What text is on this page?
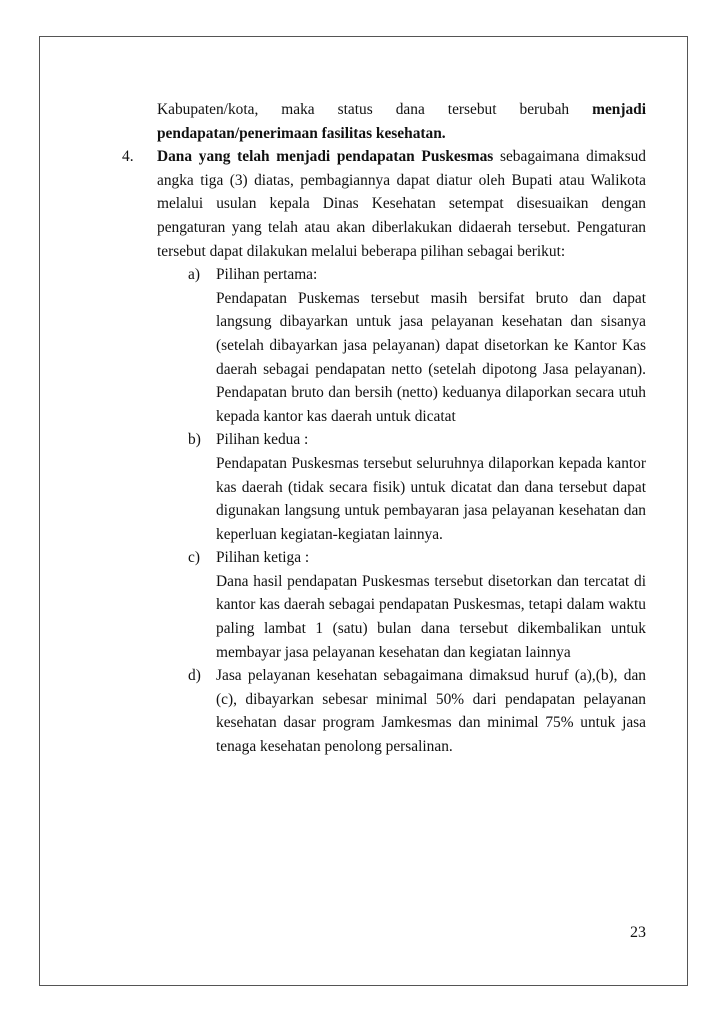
Kabupaten/kota, maka status dana tersebut berubah menjadi pendapatan/penerimaan fasilitas kesehatan.

4. Dana yang telah menjadi pendapatan Puskesmas sebagaimana dimaksud angka tiga (3) diatas, pembagiannya dapat diatur oleh Bupati atau Walikota melalui usulan kepala Dinas Kesehatan setempat disesuaikan dengan pengaturan yang telah atau akan diberlakukan didaerah tersebut. Pengaturan tersebut dapat dilakukan melalui beberapa pilihan sebagai berikut:

a) Pilihan pertama:

Pendapatan Puskemas tersebut masih bersifat bruto dan dapat langsung dibayarkan untuk jasa pelayanan kesehatan dan sisanya (setelah dibayarkan jasa pelayanan) dapat disetorkan ke Kantor Kas daerah sebagai pendapatan netto (setelah dipotong Jasa pelayanan). Pendapatan bruto dan bersih (netto) keduanya dilaporkan secara utuh kepada kantor kas daerah untuk dicatat

b) Pilihan kedua :

Pendapatan Puskesmas tersebut seluruhnya dilaporkan kepada kantor kas daerah (tidak secara fisik) untuk dicatat dan dana tersebut dapat digunakan langsung untuk pembayaran jasa pelayanan kesehatan dan keperluan kegiatan-kegiatan lainnya.

c) Pilihan ketiga :

Dana hasil pendapatan Puskesmas tersebut disetorkan dan tercatat di kantor kas daerah sebagai pendapatan Puskesmas, tetapi dalam waktu paling lambat 1 (satu) bulan dana tersebut dikembalikan untuk membayar jasa pelayanan kesehatan dan kegiatan lainnya

d) Jasa pelayanan kesehatan sebagaimana dimaksud huruf (a),(b), dan (c), dibayarkan sebesar minimal 50% dari pendapatan pelayanan kesehatan dasar program Jamkesmas dan minimal 75% untuk jasa tenaga kesehatan penolong persalinan.

23
